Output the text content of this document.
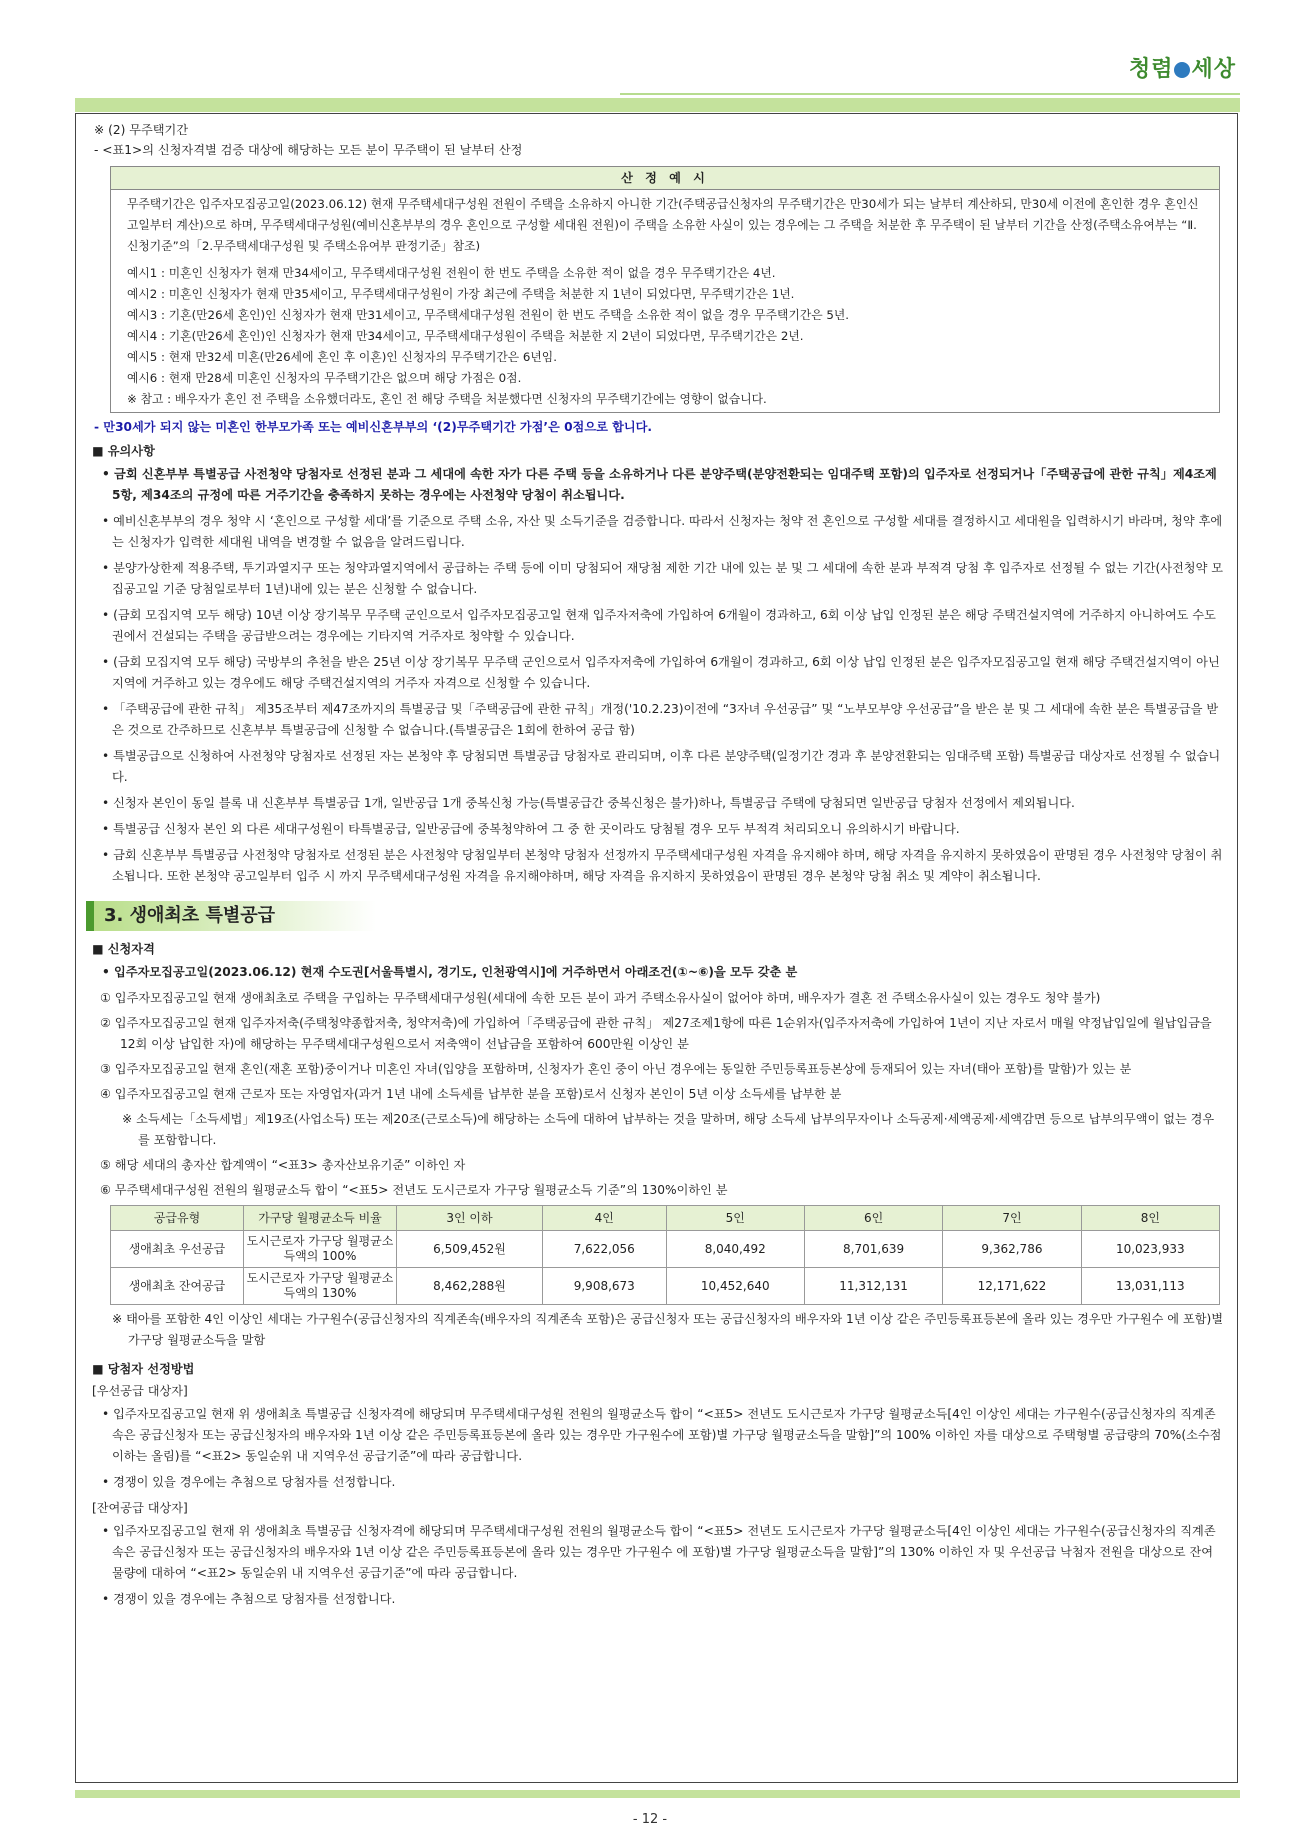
청렴 세상

※ (2) 무주택기간

- <표1>의 신청자격별 검증 대상에 해당하는 모든 분이 무주택이 된 날부터 산정

산 정 예 시

무주택기간은 입주자모집공고일(2023.06.12) 현재 무주택세대구성원 전원이 주택을 소유하지 아니한 기간(주택공급신청자의 무주택기간은 만30세가 되는 날부터 계산하되, 만30세 이전에 혼인한 경우 혼인신고일부터 계산)으로 하며, 무주택세대구성원(예비신혼부부의 경우 혼인으로 구성할 세대원 전원)이 주택을 소유한 사실이 있는 경우에는 그 주택을 처분한 후 무주택이 된 날부터 기간을 산정(주택소유여부는 “Ⅱ. 신청기준”의「2.무주택세대구성원 및 주택소유여부 판정기준」참조)

예시1 : 미혼인 신청자가 현재 만34세이고, 무주택세대구성원 전원이 한 번도 주택을 소유한 적이 없을 경우 무주택기간은 4년.

예시2 : 미혼인 신청자가 현재 만35세이고, 무주택세대구성원이 가장 최근에 주택을 처분한 지 1년이 되었다면, 무주택기간은 1년.

예시3 : 기혼(만26세 혼인)인 신청자가 현재 만31세이고, 무주택세대구성원 전원이 한 번도 주택을 소유한 적이 없을 경우 무주택기간은 5년.

예시4 : 기혼(만26세 혼인)인 신청자가 현재 만34세이고, 무주택세대구성원이 주택을 처분한 지 2년이 되었다면, 무주택기간은 2년.

예시5 : 현재 만32세 미혼(만26세에 혼인 후 이혼)인 신청자의 무주택기간은 6년임.

예시6 : 현재 만28세 미혼인 신청자의 무주택기간은 없으며 해당 가점은 0점.

※ 참고 : 배우자가 혼인 전 주택을 소유했더라도, 혼인 전 해당 주택을 처분했다면 신청자의 무주택기간에는 영향이 없습니다.

- 만30세가 되지 않는 미혼인 한부모가족 또는 예비신혼부부의 ‘(2)무주택기간 가점’은 0점으로 합니다.

■ 유의사항

• 금회 신혼부부 특별공급 사전청약 당첨자로 선정된 분과 그 세대에 속한 자가 다른 주택 등을 소유하거나 다른 분양주택(분양전환되는 임대주택 포함)의 입주자로 선정되거나「주택공급에 관한 규칙」제4조제5항, 제34조의 규정에 따른 거주기간을 충족하지 못하는 경우에는 사전청약 당첨이 취소됩니다.

• 예비신혼부부의 경우 청약 시 ‘혼인으로 구성할 세대’를 기준으로 주택 소유, 자산 및 소득기준을 검증합니다. 따라서 신청자는 청약 전 혼인으로 구성할 세대를 결정하시고 세대원을 입력하시기 바라며, 청약 후에는 신청자가 입력한 세대원 내역을 변경할 수 없음을 알려드립니다.

• 분양가상한제 적용주택, 투기과열지구 또는 청약과열지역에서 공급하는 주택 등에 이미 당첨되어 재당첨 제한 기간 내에 있는 분 및 그 세대에 속한 분과 부적격 당첨 후 입주자로 선정될 수 없는 기간(사전청약 모집공고일 기준 당첨일로부터 1년)내에 있는 분은 신청할 수 없습니다.

• (금회 모집지역 모두 해당) 10년 이상 장기복무 무주택 군인으로서 입주자모집공고일 현재 입주자저축에 가입하여 6개월이 경과하고, 6회 이상 납입 인정된 분은 해당 주택건설지역에 거주하지 아니하여도 수도권에서 건설되는 주택을 공급받으려는 경우에는 기타지역 거주자로 청약할 수 있습니다.

• (금회 모집지역 모두 해당) 국방부의 추천을 받은 25년 이상 장기복무 무주택 군인으로서 입주자저축에 가입하여 6개월이 경과하고, 6회 이상 납입 인정된 분은 입주자모집공고일 현재 해당 주택건설지역이 아닌 지역에 거주하고 있는 경우에도 해당 주택건설지역의 거주자 자격으로 신청할 수 있습니다.

• 「주택공급에 관한 규칙」 제35조부터 제47조까지의 특별공급 및「주택공급에 관한 규칙」개정('10.2.23)이전에 “3자녀 우선공급” 및 “노부모부양 우선공급”을 받은 분 및 그 세대에 속한 분은 특별공급을 받은 것으로 간주하므로 신혼부부 특별공급에 신청할 수 없습니다.(특별공급은 1회에 한하여 공급 함)

• 특별공급으로 신청하여 사전청약 당첨자로 선정된 자는 본청약 후 당첨되면 특별공급 당첨자로 관리되며, 이후 다른 분양주택(일정기간 경과 후 분양전환되는 임대주택 포함) 특별공급 대상자로 선정될 수 없습니다.

• 신청자 본인이 동일 블록 내 신혼부부 특별공급 1개, 일반공급 1개 중복신청 가능(특별공급간 중복신청은 불가)하나, 특별공급 주택에 당첨되면 일반공급 당첨자 선정에서 제외됩니다.

• 특별공급 신청자 본인 외 다른 세대구성원이 타특별공급, 일반공급에 중복청약하여 그 중 한 곳이라도 당첨될 경우 모두 부적격 처리되오니 유의하시기 바랍니다.

• 금회 신혼부부 특별공급 사전청약 당첨자로 선정된 분은 사전청약 당첨일부터 본청약 당첨자 선정까지 무주택세대구성원 자격을 유지해야 하며, 해당 자격을 유지하지 못하였음이 판명된 경우 사전청약 당첨이 취소됩니다. 또한 본청약 공고일부터 입주 시 까지 무주택세대구성원 자격을 유지해야하며, 해당 자격을 유지하지 못하였음이 판명된 경우 본청약 당첨 취소 및 계약이 취소됩니다.

3. 생애최초 특별공급

■ 신청자격

• 입주자모집공고일(2023.06.12) 현재 수도권[서울특별시, 경기도, 인천광역시]에 거주하면서 아래조건(①~⑥)을 모두 갖춘 분

① 입주자모집공고일 현재 생애최초로 주택을 구입하는 무주택세대구성원(세대에 속한 모든 분이 과거 주택소유사실이 없어야 하며, 배우자가 결혼 전 주택소유사실이 있는 경우도 청약 불가)

② 입주자모집공고일 현재 입주자저축(주택청약종합저축, 청약저축)에 가입하여「주택공급에 관한 규칙」 제27조제1항에 따른 1순위자(입주자저축에 가입하여 1년이 지난 자로서 매월 약정납입일에 월납입금을 12회 이상 납입한 자)에 해당하는 무주택세대구성원으로서 저축액이 선납금을 포함하여 600만원 이상인 분

③ 입주자모집공고일 현재 혼인(재혼 포함)중이거나 미혼인 자녀(입양을 포함하며, 신청자가 혼인 중이 아닌 경우에는 동일한 주민등록표등본상에 등재되어 있는 자녀(태아 포함)를 말함)가 있는 분

④ 입주자모집공고일 현재 근로자 또는 자영업자(과거 1년 내에 소득세를 납부한 분을 포함)로서 신청자 본인이 5년 이상 소득세를 납부한 분

※ 소득세는「소득세법」제19조(사업소득) 또는 제20조(근로소득)에 해당하는 소득에 대하여 납부하는 것을 말하며, 해당 소득세 납부의무자이나 소득공제·세액공제·세액감면 등으로 납부의무액이 없는 경우를 포함합니다.

⑤ 해당 세대의 총자산 합계액이 “<표3> 총자산보유기준” 이하인 자

⑥ 무주택세대구성원 전원의 월평균소득 합이 “<표5> 전년도 도시근로자 가구당 월평균소득 기준”의 130%이하인 분

공급유형	가구당 월평균소득 비율	3인 이하	4인	5인	6인	7인	8인
생애최초 우선공급	도시근로자 가구당 월평균소득액의 100%	6,509,452원	7,622,056	8,040,492	8,701,639	9,362,786	10,023,933
생애최초 잔여공급	도시근로자 가구당 월평균소득액의 130%	8,462,288원	9,908,673	10,452,640	11,312,131	12,171,622	13,031,113

※ 태아를 포함한 4인 이상인 세대는 가구원수(공급신청자의 직계존속(배우자의 직계존속 포함)은 공급신청자 또는 공급신청자의 배우자와 1년 이상 같은 주민등록표등본에 올라 있는 경우만 가구원수 에 포함)별 가구당 월평균소득을 말함

■ 당첨자 선정방법

[우선공급 대상자]

• 입주자모집공고일 현재 위 생애최초 특별공급 신청자격에 해당되며 무주택세대구성원 전원의 월평균소득 합이 “<표5> 전년도 도시근로자 가구당 월평균소득[4인 이상인 세대는 가구원수(공급신청자의 직계존속은 공급신청자 또는 공급신청자의 배우자와 1년 이상 같은 주민등록표등본에 올라 있는 경우만 가구원수에 포함)별 가구당 월평균소득을 말함]”의 100% 이하인 자를 대상으로 주택형별 공급량의 70%(소수점이하는 올림)를 “<표2> 동일순위 내 지역우선 공급기준”에 따라 공급합니다.

• 경쟁이 있을 경우에는 추첨으로 당첨자를 선정합니다.

[잔여공급 대상자]

• 입주자모집공고일 현재 위 생애최초 특별공급 신청자격에 해당되며 무주택세대구성원 전원의 월평균소득 합이 “<표5> 전년도 도시근로자 가구당 월평균소득[4인 이상인 세대는 가구원수(공급신청자의 직계존속은 공급신청자 또는 공급신청자의 배우자와 1년 이상 같은 주민등록표등본에 올라 있는 경우만 가구원수 에 포함)별 가구당 월평균소득을 말함]”의 130% 이하인 자 및 우선공급 낙첨자 전원을 대상으로 잔여물량에 대하여 “<표2> 동일순위 내 지역우선 공급기준”에 따라 공급합니다.

• 경쟁이 있을 경우에는 추첨으로 당첨자를 선정합니다.

- 12 -
